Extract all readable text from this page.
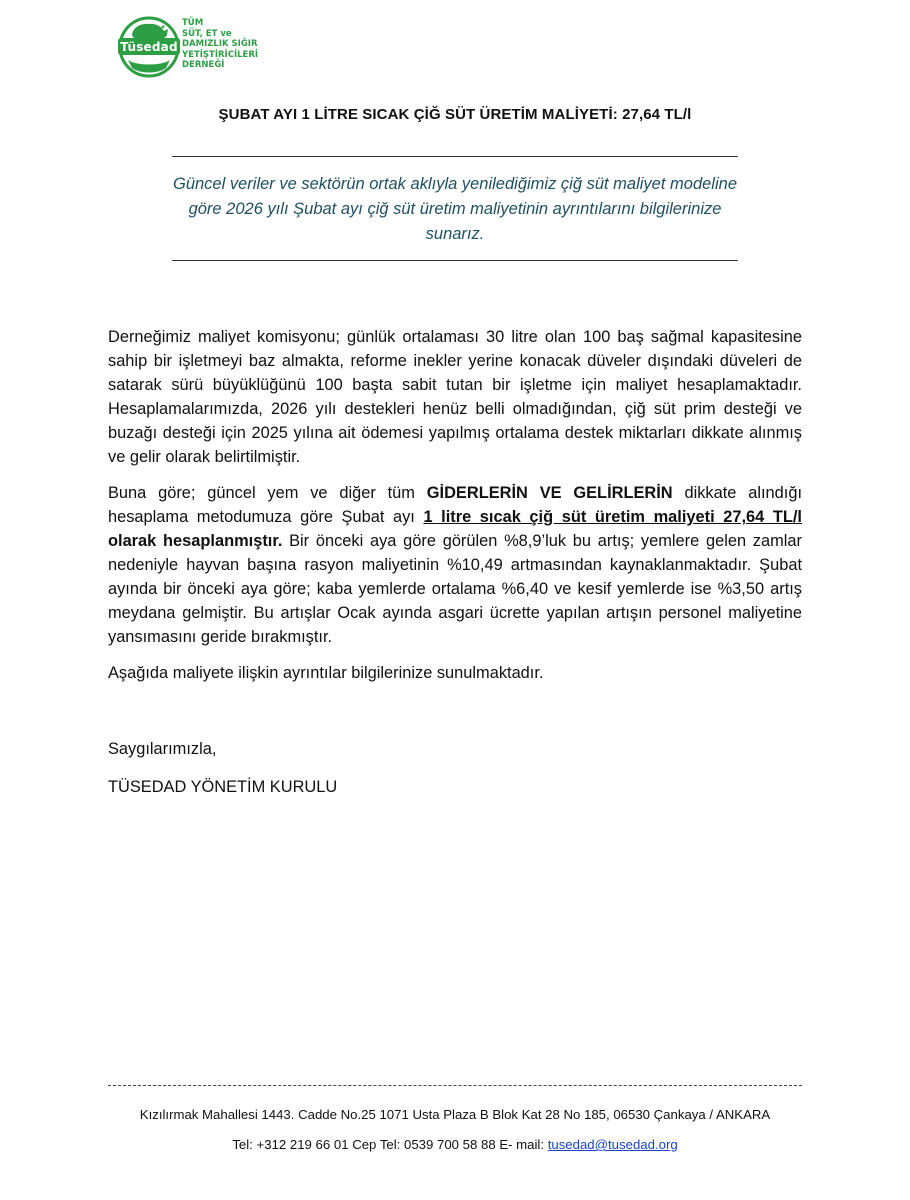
Tüsedad
TÜM
SÜT, ET ve
DAMIZLIK SIĞIR
YETİŞTİRİCİLERİ
DERNEĞİ
ŞUBAT AYI 1 LİTRE SICAK ÇİĞ SÜT ÜRETİM MALİYETİ: 27,64 TL/l
Güncel veriler ve sektörün ortak aklıyla yenilediğimiz çiğ süt maliyet modeline göre 2026 yılı Şubat ayı çiğ süt üretim maliyetinin ayrıntılarını bilgilerinize sunarız.

Derneğimiz maliyet komisyonu; günlük ortalaması 30 litre olan 100 baş sağmal kapasitesine sahip bir işletmeyi baz almakta, reforme inekler yerine konacak düveler dışındaki düveleri de satarak sürü büyüklüğünü 100 başta sabit tutan bir işletme için maliyet hesaplamaktadır. Hesaplamalarımızda, 2026 yılı destekleri henüz belli olmadığından, çiğ süt prim desteği ve buzağı desteği için 2025 yılına ait ödemesi yapılmış ortalama destek miktarları dikkate alınmış ve gelir olarak belirtilmiştir.

Buna göre; güncel yem ve diğer tüm GİDERLERİN VE GELİRLERİN dikkate alındığı hesaplama metodumuza göre Şubat ayı 1 litre sıcak çiğ süt üretim maliyeti 27,64 TL/l olarak hesaplanmıştır. Bir önceki aya göre görülen %8,9’luk bu artış; yemlere gelen zamlar nedeniyle hayvan başına rasyon maliyetinin %10,49 artmasından kaynaklanmaktadır. Şubat ayında bir önceki aya göre; kaba yemlerde ortalama %6,40 ve kesif yemlerde ise %3,50 artış meydana gelmiştir. Bu artışlar Ocak ayında asgari ücrette yapılan artışın personel maliyetine yansımasını geride bırakmıştır.

Aşağıda maliyete ilişkin ayrıntılar bilgilerinize sunulmaktadır.

Saygılarımızla,
TÜSEDAD YÖNETİM KURULU
Kızılırmak Mahallesi 1443. Cadde No.25 1071 Usta Plaza B Blok Kat 28 No 185, 06530 Çankaya / ANKARA
Tel: +312 219 66 01 Cep Tel: 0539 700 58 88 E- mail: tusedad@tusedad.org
